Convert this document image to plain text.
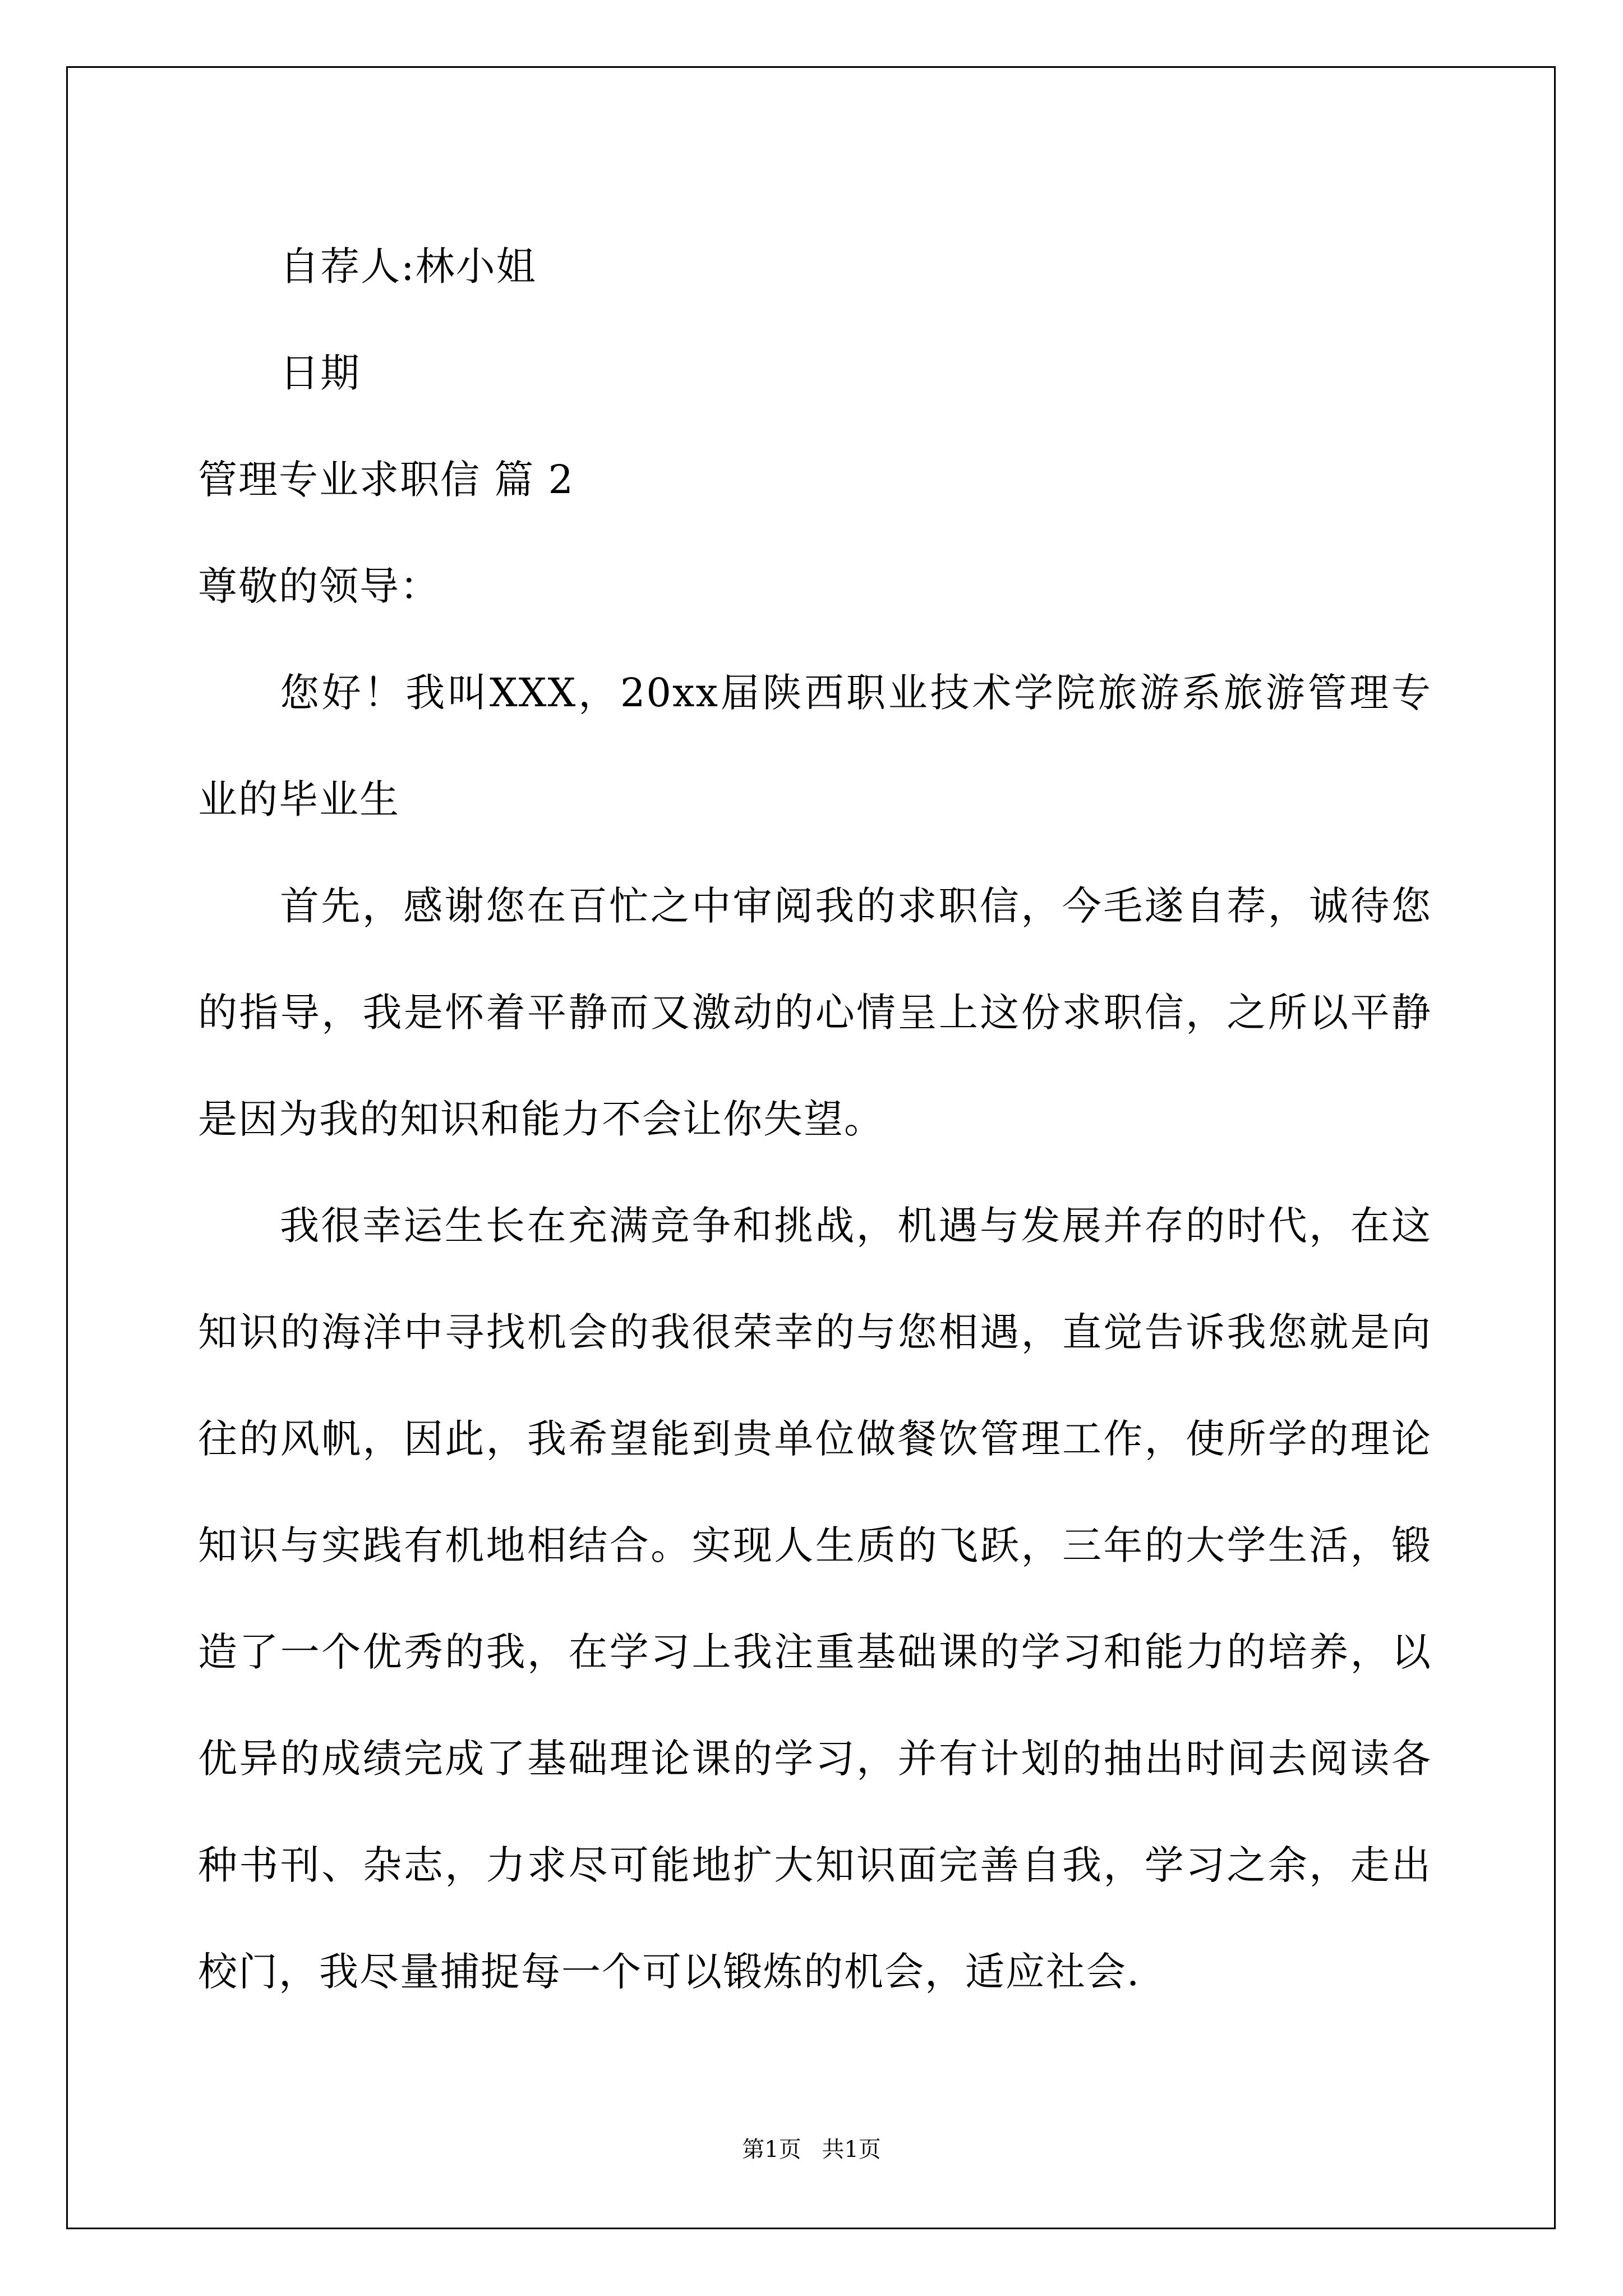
自荐人:林小姐
日期
管理专业求职信 篇 2
尊敬的领导：
您好！我叫XXX，20xx届陕西职业技术学院旅游系旅游管理专业的毕业生
首先，感谢您在百忙之中审阅我的求职信，今毛遂自荐，诚待您的指导，我是怀着平静而又激动的心情呈上这份求职信，之所以平静是因为我的知识和能力不会让你失望。
我很幸运生长在充满竞争和挑战，机遇与发展并存的时代，在这知识的海洋中寻找机会的我很荣幸的与您相遇，直觉告诉我您就是向往的风帆，因此，我希望能到贵单位做餐饮管理工作，使所学的理论知识与实践有机地相结合。实现人生质的飞跃，三年的大学生活，锻造了一个优秀的我，在学习上我注重基础课的学习和能力的培养，以优异的成绩完成了基础理论课的学习，并有计划的抽出时间去阅读各种书刊、杂志，力求尽可能地扩大知识面完善自我，学习之余，走出校门，我尽量捕捉每一个可以锻炼的机会，适应社会.
第1页 共1页
